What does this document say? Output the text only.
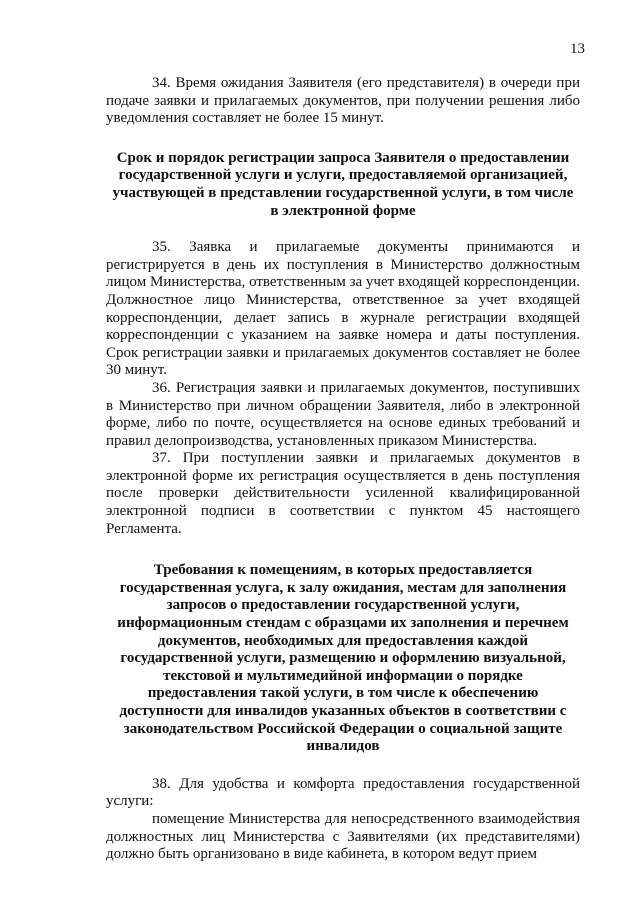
13

34. Время ожидания Заявителя (его представителя) в очереди при подаче заявки и прилагаемых документов, при получении решения либо уведомления составляет не более 15 минут.

Срок и порядок регистрации запроса Заявителя о предоставлении государственной услуги и услуги, предоставляемой организацией, участвующей в представлении государственной услуги, в том числе в электронной форме

35. Заявка и прилагаемые документы принимаются и регистрируется в день их поступления в Министерство должностным лицом Министерства, ответственным за учет входящей корреспонденции. Должностное лицо Министерства, ответственное за учет входящей корреспонденции, делает запись в журнале регистрации входящей корреспонденции с указанием на заявке номера и даты поступления. Срок регистрации заявки и прилагаемых документов составляет не более 30 минут.

36. Регистрация заявки и прилагаемых документов, поступивших в Министерство при личном обращении Заявителя, либо в электронной форме, либо по почте, осуществляется на основе единых требований и правил делопроизводства, установленных приказом Министерства.

37. При поступлении заявки и прилагаемых документов в электронной форме их регистрация осуществляется в день поступления после проверки действительности усиленной квалифицированной электронной подписи в соответствии с пунктом 45 настоящего Регламента.

Требования к помещениям, в которых предоставляется государственная услуга, к залу ожидания, местам для заполнения запросов о предоставлении государственной услуги, информационным стендам с образцами их заполнения и перечнем документов, необходимых для предоставления каждой государственной услуги, размещению и оформлению визуальной, текстовой и мультимедийной информации о порядке предоставления такой услуги, в том числе к обеспечению доступности для инвалидов указанных объектов в соответствии с законодательством Российской Федерации о социальной защите инвалидов

38. Для удобства и комфорта предоставления государственной услуги:

помещение Министерства для непосредственного взаимодействия должностных лиц Министерства с Заявителями (их представителями) должно быть организовано в виде кабинета, в котором ведут прием
